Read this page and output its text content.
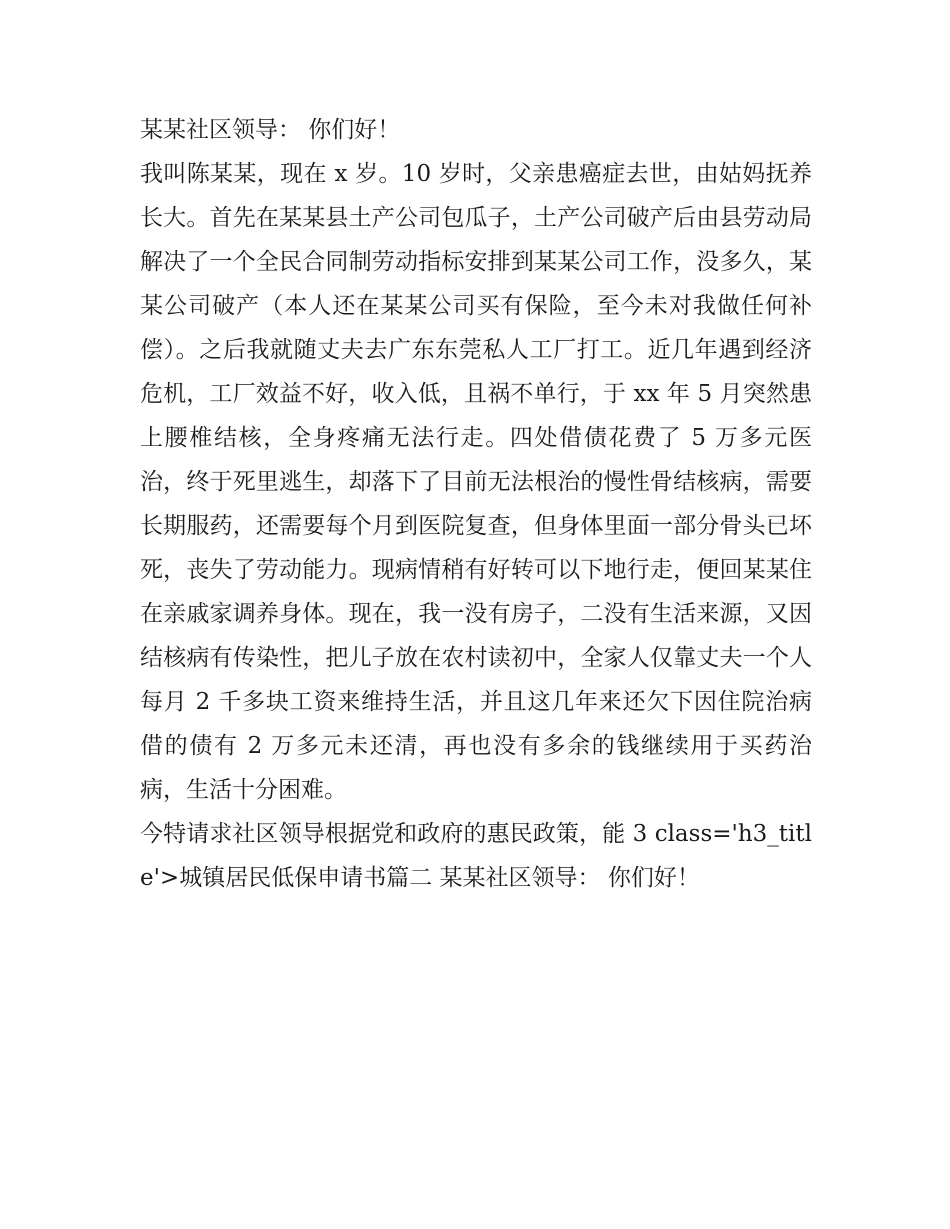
某某社区领导： 你们好！

我叫陈某某，现在 x 岁。10 岁时，父亲患癌症去世，由姑妈抚养长大。首先在某某县土产公司包瓜子，土产公司破产后由县劳动局解决了一个全民合同制劳动指标安排到某某公司工作，没多久，某某公司破产（本人还在某某公司买有保险，至今未对我做任何补偿）。之后我就随丈夫去广东东莞私人工厂打工。近几年遇到经济危机，工厂效益不好，收入低，且祸不单行，于 xx 年 5 月突然患上腰椎结核，全身疼痛无法行走。四处借债花费了 5 万多元医治，终于死里逃生，却落下了目前无法根治的慢性骨结核病，需要长期服药，还需要每个月到医院复查，但身体里面一部分骨头已坏死，丧失了劳动能力。现病情稍有好转可以下地行走，便回某某住在亲戚家调养身体。现在，我一没有房子，二没有生活来源，又因结核病有传染性，把儿子放在农村读初中，全家人仅靠丈夫一个人每月 2 千多块工资来维持生活，并且这几年来还欠下因住院治病借的债有 2 万多元未还清，再也没有多余的钱继续用于买药治病，生活十分困难。

今特请求社区领导根据党和政府的惠民政策，能 3 class='h3_title'>城镇居民低保申请书篇二 某某社区领导： 你们好！
